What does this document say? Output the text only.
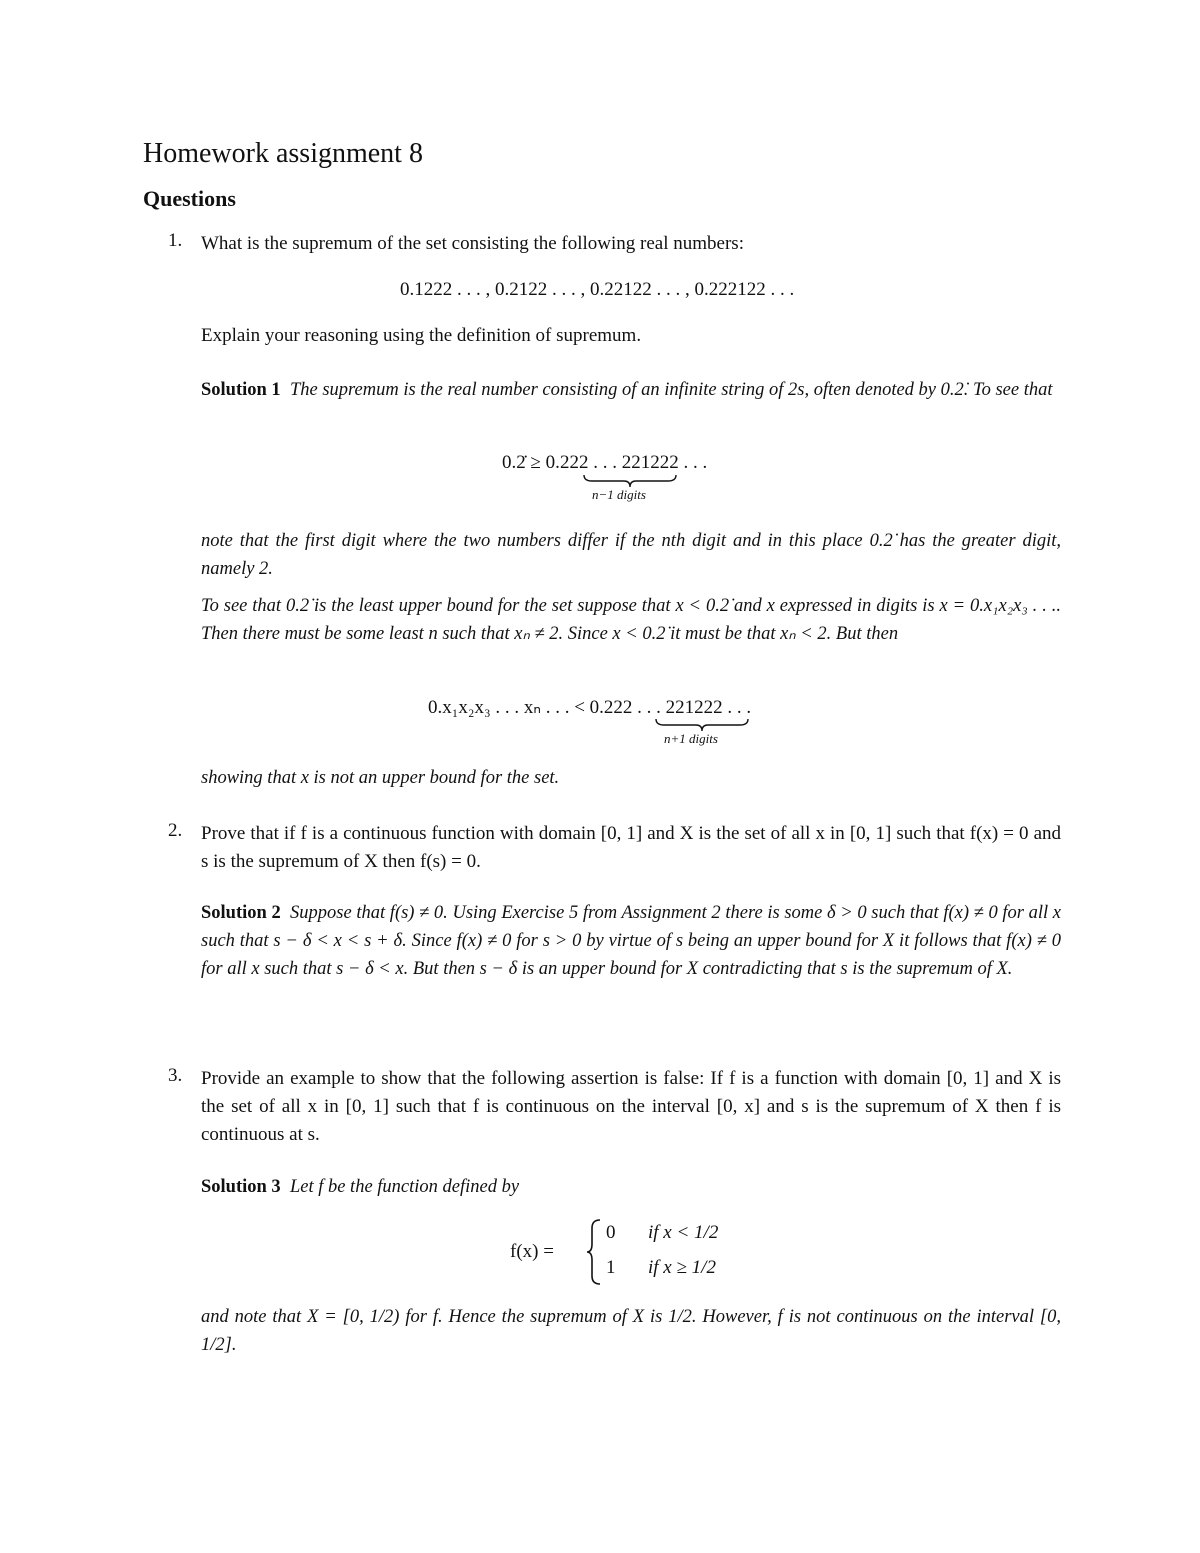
Homework assignment 8
Questions
1. What is the supremum of the set consisting the following real numbers:
0.1222 . . . , 0.2122 . . . , 0.22122 . . . , 0.222122 . . .
Explain your reasoning using the definition of supremum.
Solution 1 The supremum is the real number consisting of an infinite string of 2s, often denoted by 0.2̇. To see that
0.2̇ ≥ 0.222 . . . 221222 . . .
n−1 digits
note that the first digit where the two numbers differ if the nth digit and in this place 0.2̇ has the greater digit, namely 2.
To see that 0.2̇ is the least upper bound for the set suppose that x < 0.2̇ and x expressed in digits is x = 0.x₁x₂x₃ . . .. Then there must be some least n such that xₙ ≠ 2. Since x < 0.2̇ it must be that xₙ < 2. But then
0.x₁x₂x₃ . . . xₙ . . . < 0.222 . . . 221222 . . .
n+1 digits
showing that x is not an upper bound for the set.
2. Prove that if f is a continuous function with domain [0, 1] and X is the set of all x in [0, 1] such that f(x) = 0 and s is the supremum of X then f(s) = 0.
Solution 2 Suppose that f(s) ≠ 0. Using Exercise 5 from Assignment 2 there is some δ > 0 such that f(x) ≠ 0 for all x such that s − δ < x < s + δ. Since f(x) ≠ 0 for s > 0 by virtue of s being an upper bound for X it follows that f(x) ≠ 0 for all x such that s − δ < x. But then s − δ is an upper bound for X contradicting that s is the supremum of X.
3. Provide an example to show that the following assertion is false: If f is a function with domain [0, 1] and X is the set of all x in [0, 1] such that f is continuous on the interval [0, x] and s is the supremum of X then f is continuous at s.
Solution 3 Let f be the function defined by
f(x) =
0 if x < 1/2
1 if x ≥ 1/2
and note that X = [0, 1/2) for f. Hence the supremum of X is 1/2. However, f is not continuous on the interval [0, 1/2].
